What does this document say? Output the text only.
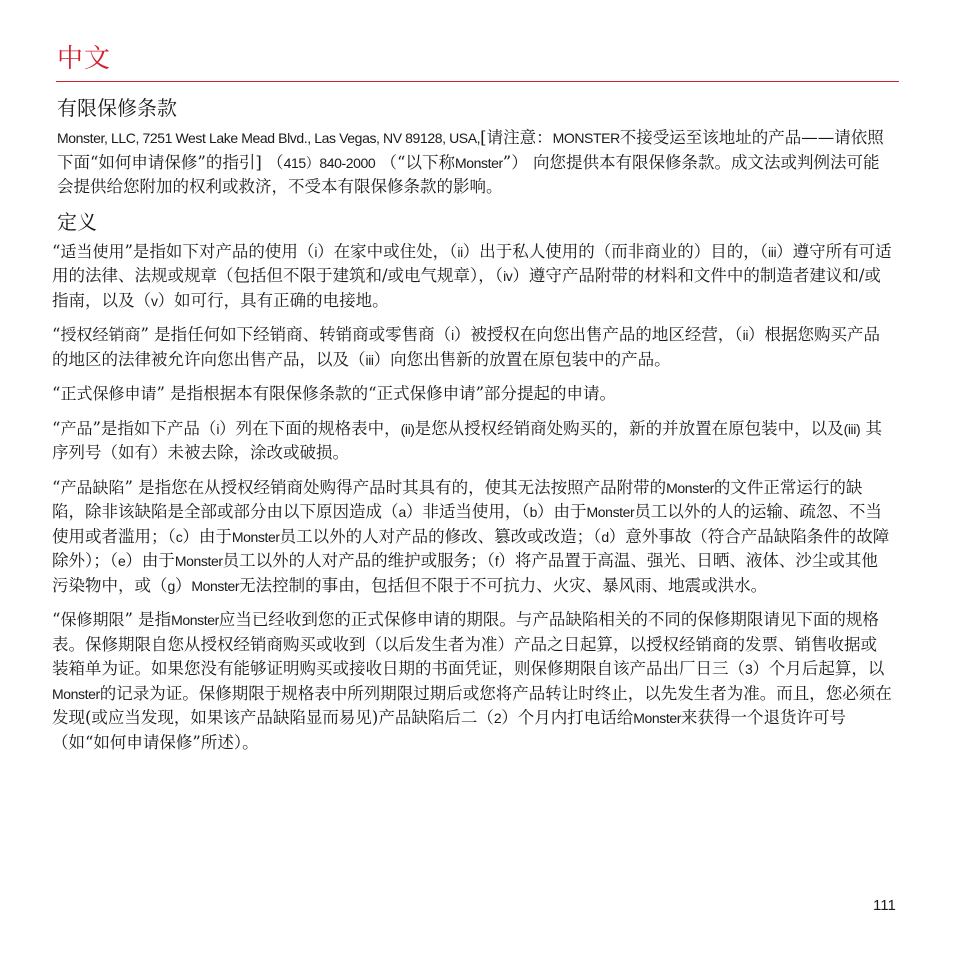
中文
有限保修条款

Monster, LLC, 7251 West Lake Mead Blvd., Las Vegas, NV 89128, USA,[请注意：MONSTER不接受运至该地址的产品——请依照下面“如何申请保修”的指引] （415）840-2000 （“以下称Monster”） 向您提供本有限保修条款。成文法或判例法可能会提供给您附加的权利或救济，不受本有限保修条款的影响。

定义

“适当使用”是指如下对产品的使用（i）在家中或住处，（ii）出于私人使用的（而非商业的）目的，（iii）遵守所有可适用的法律、法规或规章（包括但不限于建筑和/或电气规章），（iv）遵守产品附带的材料和文件中的制造者建议和/或指南，以及（v）如可行，具有正确的电接地。

“授权经销商” 是指任何如下经销商、转销商或零售商（i）被授权在向您出售产品的地区经营，（ii）根据您购买产品的地区的法律被允许向您出售产品，以及（iii）向您出售新的放置在原包装中的产品。

“正式保修申请” 是指根据本有限保修条款的“正式保修申请”部分提起的申请。

“产品”是指如下产品（i）列在下面的规格表中，(ii)是您从授权经销商处购买的，新的并放置在原包装中，以及(iii) 其序列号（如有）未被去除，涂改或破损。

“产品缺陷” 是指您在从授权经销商处购得产品时其具有的，使其无法按照产品附带的Monster的文件正常运行的缺陷，除非该缺陷是全部或部分由以下原因造成（a）非适当使用，（b）由于Monster员工以外的人的运输、疏忽、不当使用或者滥用；（c）由于Monster员工以外的人对产品的修改、篡改或改造；（d）意外事故（符合产品缺陷条件的故障除外）；（e）由于Monster员工以外的人对产品的维护或服务；（f）将产品置于高温、强光、日晒、液体、沙尘或其他污染物中，或（g）Monster无法控制的事由，包括但不限于不可抗力、火灾、暴风雨、地震或洪水。

“保修期限” 是指Monster应当已经收到您的正式保修申请的期限。与产品缺陷相关的不同的保修期限请见下面的规格表。保修期限自您从授权经销商购买或收到（以后发生者为准）产品之日起算，以授权经销商的发票、销售收据或装箱单为证。如果您没有能够证明购买或接收日期的书面凭证，则保修期限自该产品出厂日三（3）个月后起算，以Monster的记录为证。保修期限于规格表中所列期限过期后或您将产品转让时终止，以先发生者为准。而且，您必须在发现(或应当发现，如果该产品缺陷显而易见)产品缺陷后二（2）个月内打电话给Monster来获得一个退货许可号（如“如何申请保修”所述）。

111
